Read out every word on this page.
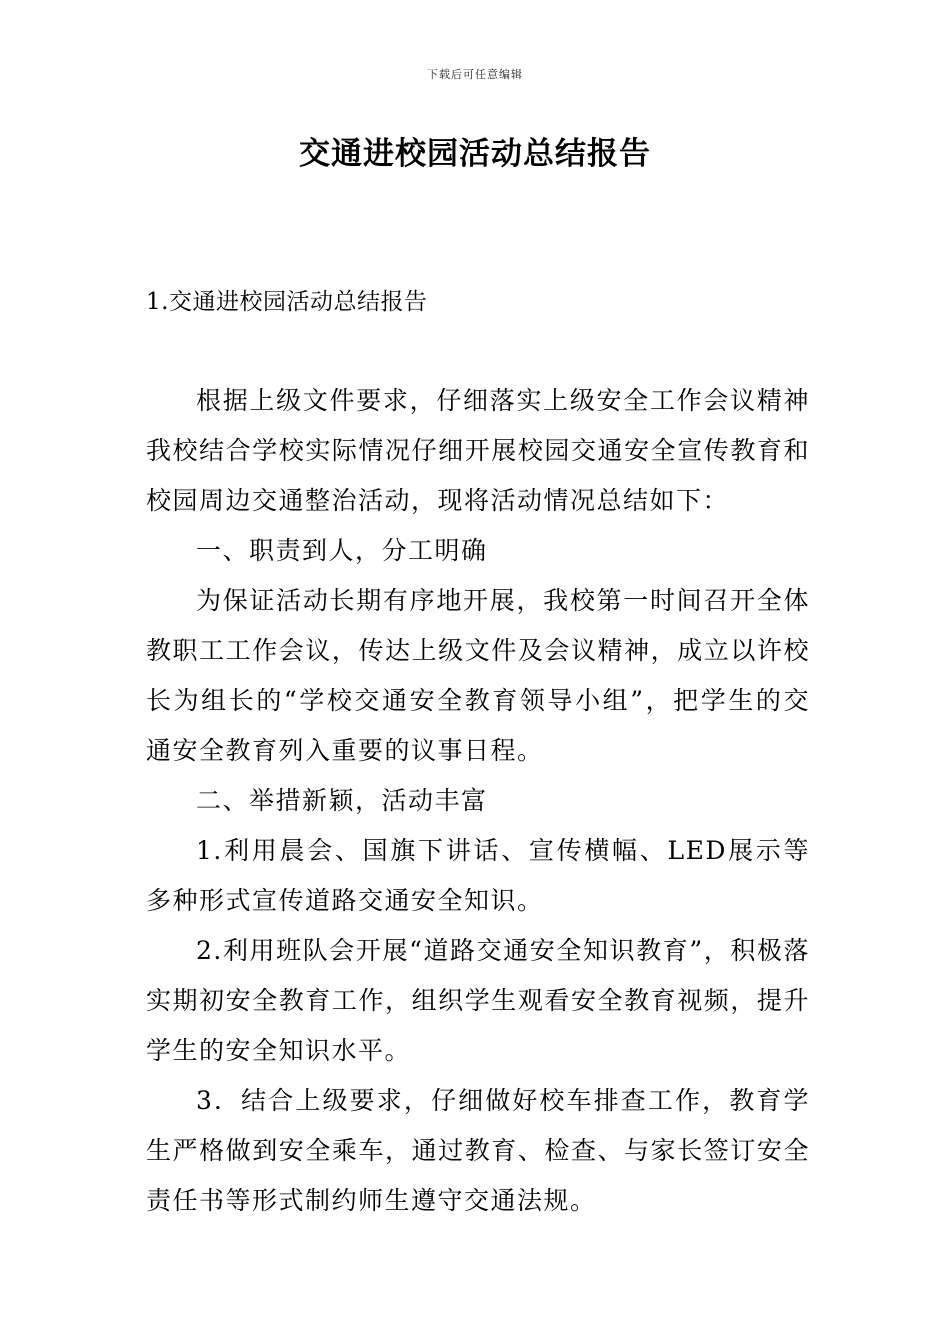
下载后可任意编辑
交通进校园活动总结报告
1.交通进校园活动总结报告

根据上级文件要求，仔细落实上级安全工作会议精神我校结合学校实际情况仔细开展校园交通安全宣传教育和校园周边交通整治活动，现将活动情况总结如下：

一、职责到人，分工明确

为保证活动长期有序地开展，我校第一时间召开全体教职工工作会议，传达上级文件及会议精神，成立以许校长为组长的“学校交通安全教育领导小组”，把学生的交通安全教育列入重要的议事日程。

二、举措新颖，活动丰富

1.利用晨会、国旗下讲话、宣传横幅、LED展示等多种形式宣传道路交通安全知识。

2.利用班队会开展“道路交通安全知识教育”，积极落实期初安全教育工作，组织学生观看安全教育视频，提升学生的安全知识水平。

3．结合上级要求，仔细做好校车排查工作，教育学生严格做到安全乘车，通过教育、检查、与家长签订安全责任书等形式制约师生遵守交通法规。
